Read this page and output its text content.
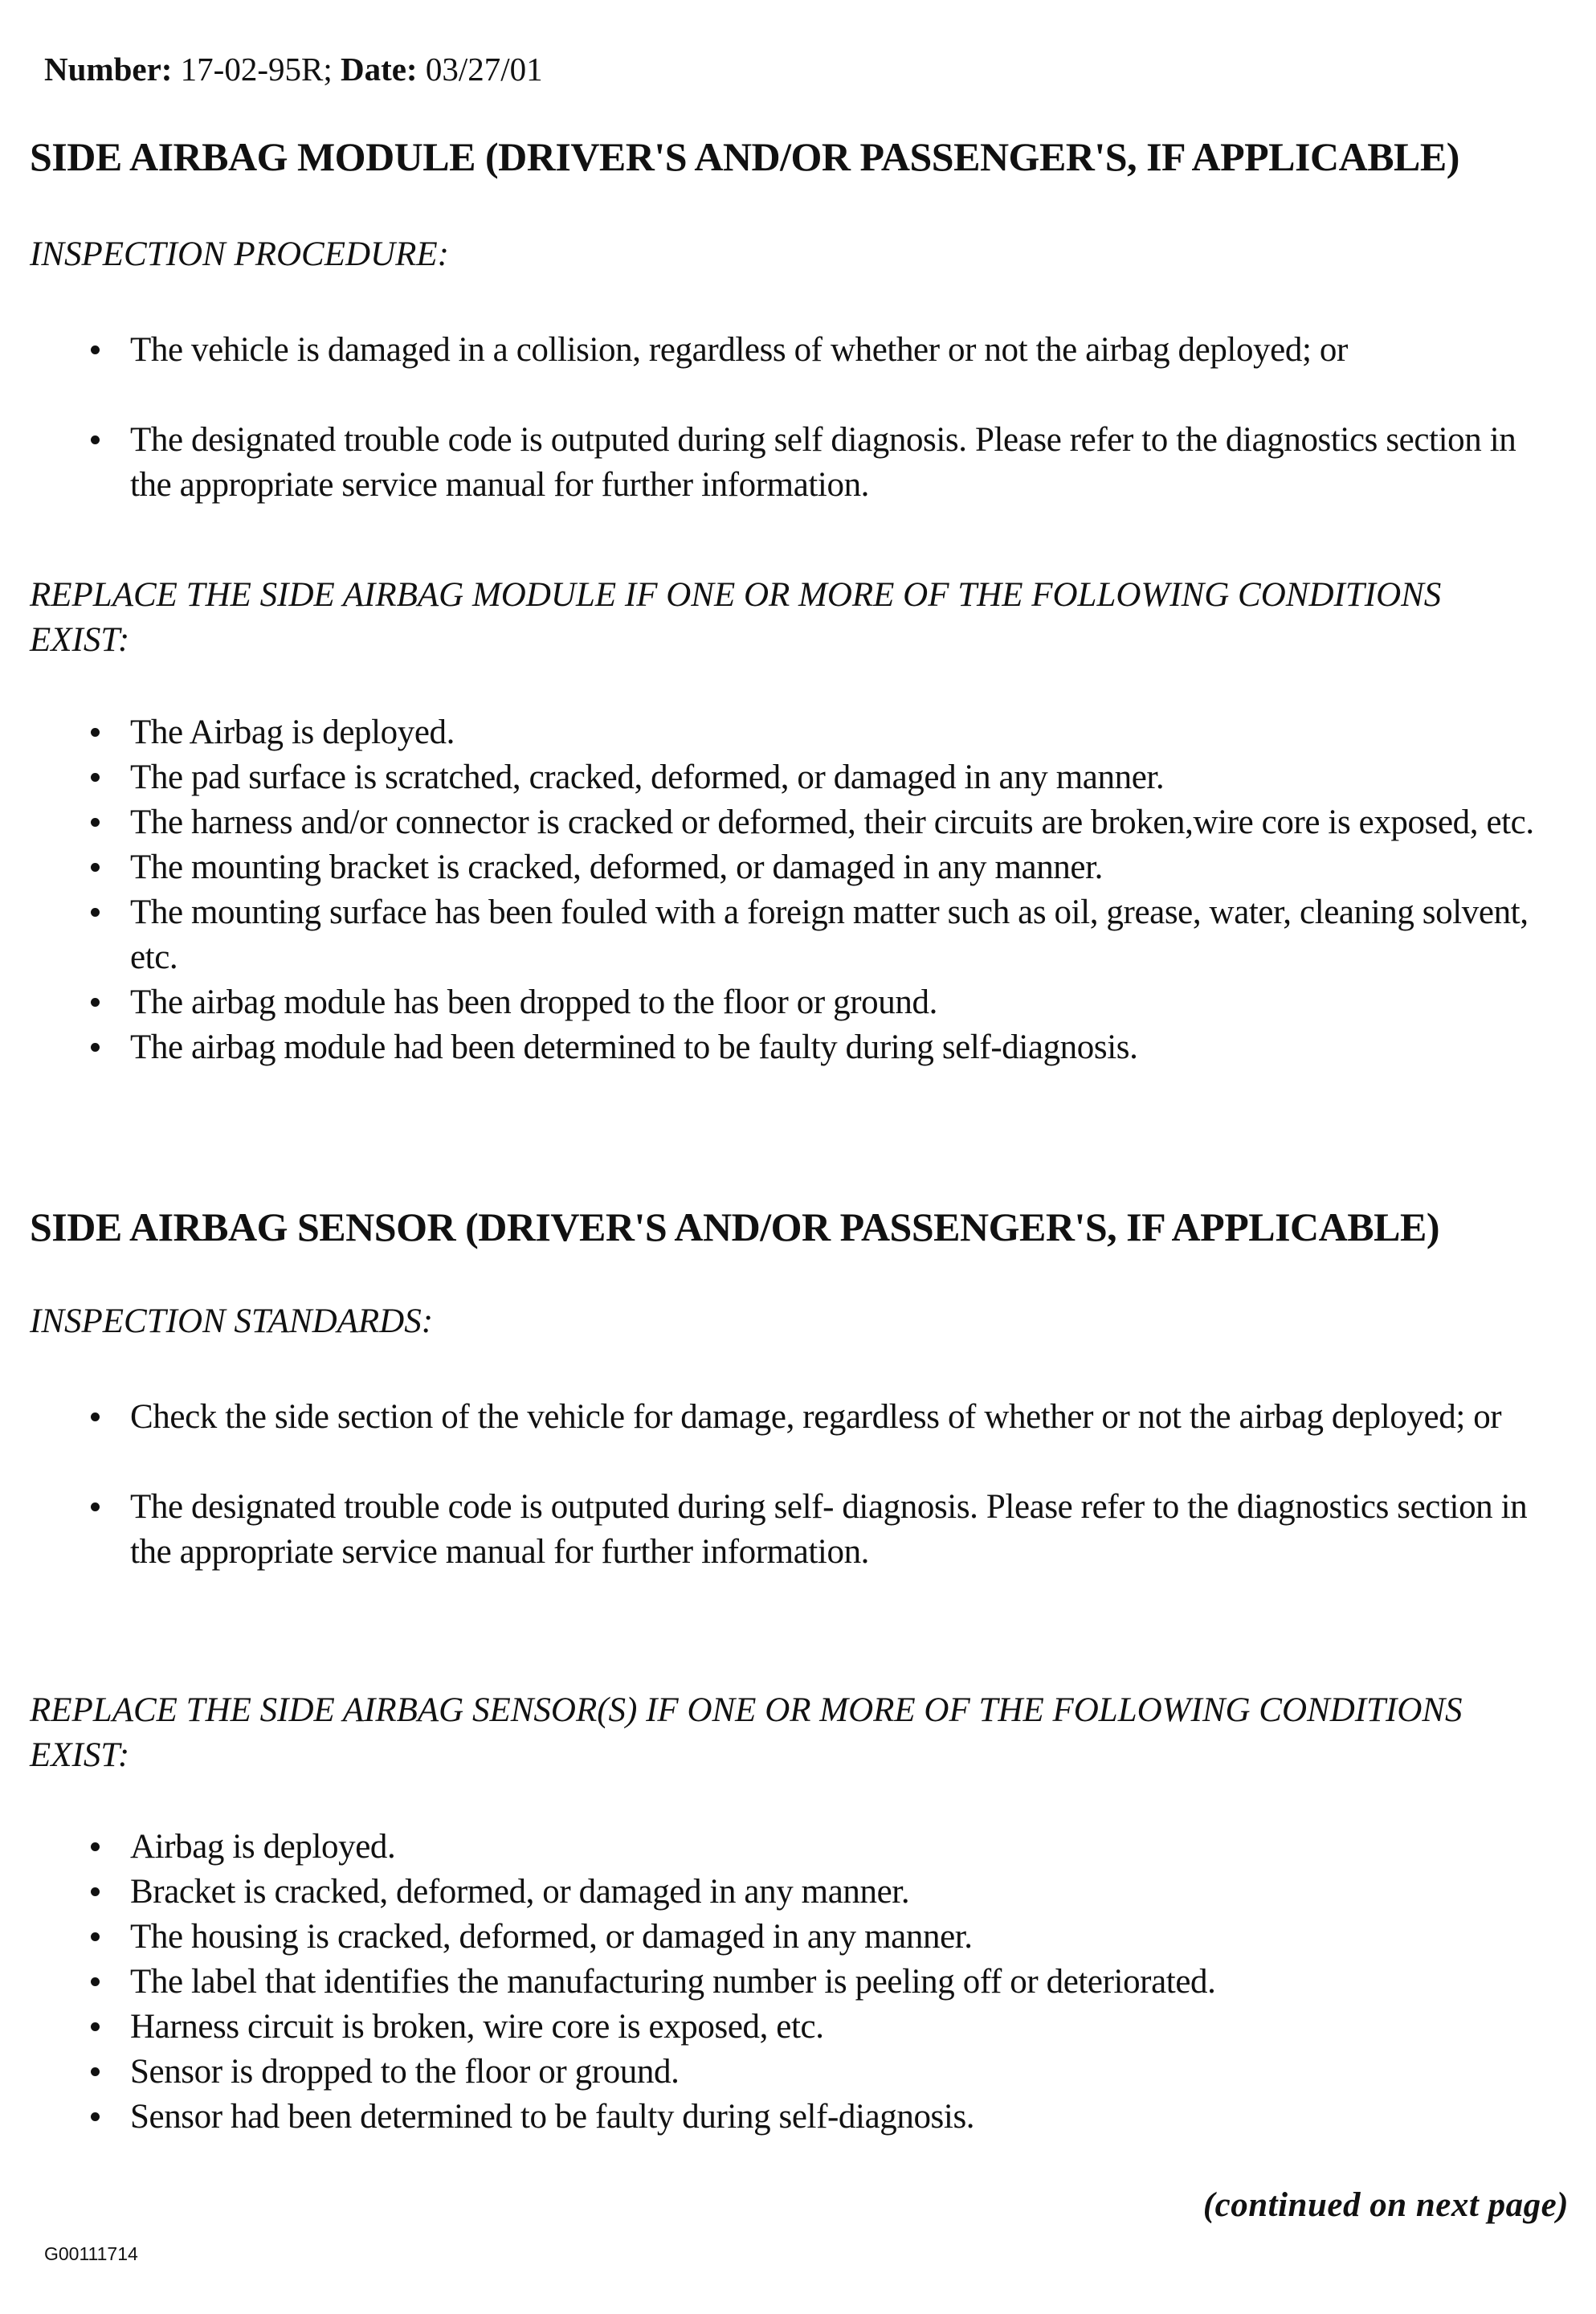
Number: 17-02-95R; Date: 03/27/01
SIDE AIRBAG MODULE (DRIVER'S AND/OR PASSENGER'S, IF APPLICABLE)
INSPECTION PROCEDURE:
The vehicle is damaged in a collision, regardless of whether or not the airbag deployed; or
The designated trouble code is outputed during self diagnosis. Please refer to the diagnostics section in the appropriate service manual for further information.
REPLACE THE SIDE AIRBAG MODULE IF ONE OR MORE OF THE FOLLOWING CONDITIONS EXIST:
The Airbag is deployed.
The pad surface is scratched, cracked, deformed, or damaged in any manner.
The harness and/or connector is cracked or deformed, their circuits are broken,wire core is exposed, etc.
The mounting bracket is cracked, deformed, or damaged in any manner.
The mounting surface has been fouled with a foreign matter such as oil, grease, water, cleaning solvent, etc.
The airbag module has been dropped to the floor or ground.
The airbag module had been determined to be faulty during self-diagnosis.
SIDE AIRBAG SENSOR (DRIVER'S AND/OR PASSENGER'S, IF APPLICABLE)
INSPECTION STANDARDS:
Check the side section of the vehicle for damage, regardless of whether or not the airbag deployed; or
The designated trouble code is outputed during self- diagnosis. Please refer to the diagnostics section in the appropriate service manual for further information.
REPLACE THE SIDE AIRBAG SENSOR(S) IF ONE OR MORE OF THE FOLLOWING CONDITIONS EXIST:
Airbag is deployed.
Bracket is cracked, deformed, or damaged in any manner.
The housing is cracked, deformed, or damaged in any manner.
The label that identifies the manufacturing number is peeling off or deteriorated.
Harness circuit is broken, wire core is exposed, etc.
Sensor is dropped to the floor or ground.
Sensor had been determined to be faulty during self-diagnosis.
(continued on next page)
G00111714
